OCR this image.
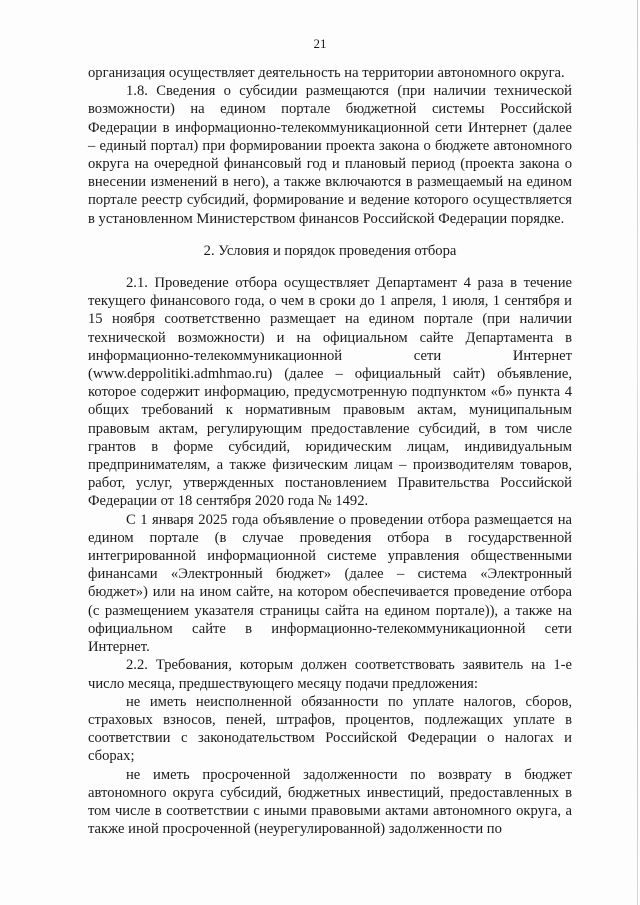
21

организация осуществляет деятельность на территории автономного округа.

1.8. Сведения о субсидии размещаются (при наличии технической возможности) на едином портале бюджетной системы Российской Федерации в информационно-телекоммуникационной сети Интернет (далее – единый портал) при формировании проекта закона о бюджете автономного округа на очередной финансовый год и плановый период (проекта закона о внесении изменений в него), а также включаются в размещаемый на едином портале реестр субсидий, формирование и ведение которого осуществляется в установленном Министерством финансов Российской Федерации порядке.

2. Условия и порядок проведения отбора

2.1. Проведение отбора осуществляет Департамент 4 раза в течение текущего финансового года, о чем в сроки до 1 апреля, 1 июля, 1 сентября и 15 ноября соответственно размещает на едином портале (при наличии технической возможности) и на официальном сайте Департамента в информационно-телекоммуникационной сети Интернет (www.deppolitiki.admhmao.ru) (далее – официальный сайт) объявление, которое содержит информацию, предусмотренную подпунктом «б» пункта 4 общих требований к нормативным правовым актам, муниципальным правовым актам, регулирующим предоставление субсидий, в том числе грантов в форме субсидий, юридическим лицам, индивидуальным предпринимателям, а также физическим лицам – производителям товаров, работ, услуг, утвержденных постановлением Правительства Российской Федерации от 18 сентября 2020 года № 1492.

С 1 января 2025 года объявление о проведении отбора размещается на едином портале (в случае проведения отбора в государственной интегрированной информационной системе управления общественными финансами «Электронный бюджет» (далее – система «Электронный бюджет») или на ином сайте, на котором обеспечивается проведение отбора (с размещением указателя страницы сайта на едином портале)), а также на официальном сайте в информационно-телекоммуникационной сети Интернет.

2.2. Требования, которым должен соответствовать заявитель на 1-е число месяца, предшествующего месяцу подачи предложения:

не иметь неисполненной обязанности по уплате налогов, сборов, страховых взносов, пеней, штрафов, процентов, подлежащих уплате в соответствии с законодательством Российской Федерации о налогах и сборах;

не иметь просроченной задолженности по возврату в бюджет автономного округа субсидий, бюджетных инвестиций, предоставленных в том числе в соответствии с иными правовыми актами автономного округа, а также иной просроченной (неурегулированной) задолженности по
